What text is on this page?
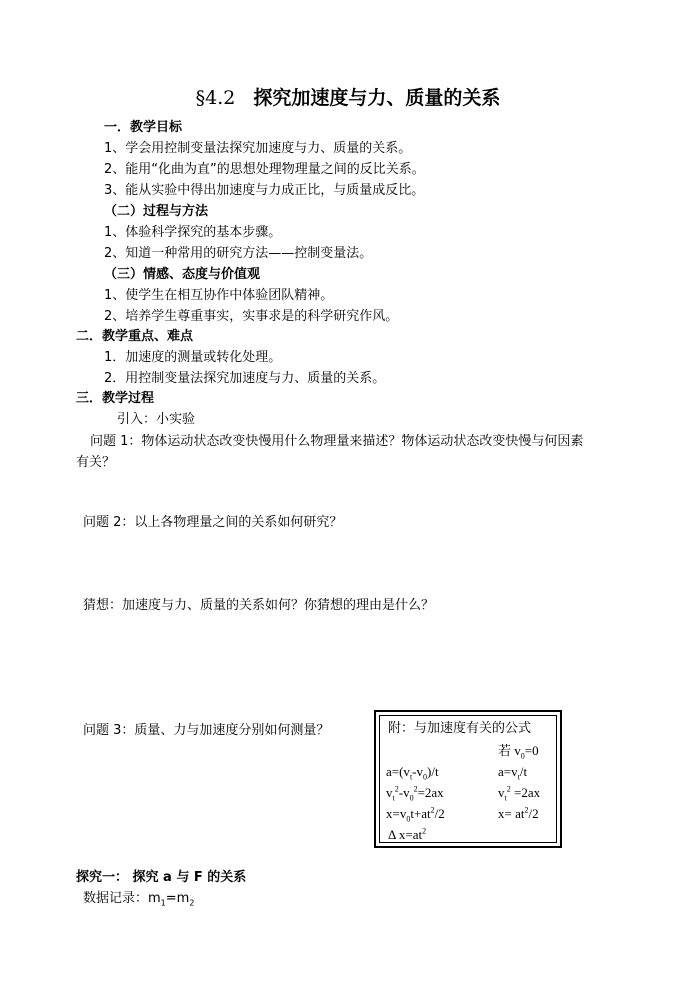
§4.2 探究加速度与力、质量的关系
一．教学目标
1、学会用控制变量法探究加速度与力、质量的关系。
2、能用“化曲为直”的思想处理物理量之间的反比关系。
3、能从实验中得出加速度与力成正比，与质量成反比。
（二）过程与方法
1、体验科学探究的基本步骤。
2、知道一种常用的研究方法——控制变量法。
（三）情感、态度与价值观
1、使学生在相互协作中体验团队精神。
2、培养学生尊重事实，实事求是的科学研究作风。
二．教学重点、难点
1．加速度的测量或转化处理。
2．用控制变量法探究加速度与力、质量的关系。
三．教学过程
引入：小实验
问题 1：物体运动状态改变快慢用什么物理量来描述？物体运动状态改变快慢与何因素
有关？
问题 2：以上各物理量之间的关系如何研究？
猜想：加速度与力、质量的关系如何？你猜想的理由是什么？
问题 3：质量、力与加速度分别如何测量？	附：与加速度有关的公式
若 $v_0=0$
$a=(v_t-v_0)/t$	$a=v_t/t$
$v_t^2-v_0^2=2ax$	$v_t^2 =2ax$
$x=v_0t+at^2/2$	$x= at^2/2$
Δ $x=at^2$
探究一： 探究 a 与 F 的关系
数据记录：$m_1=m_2$
